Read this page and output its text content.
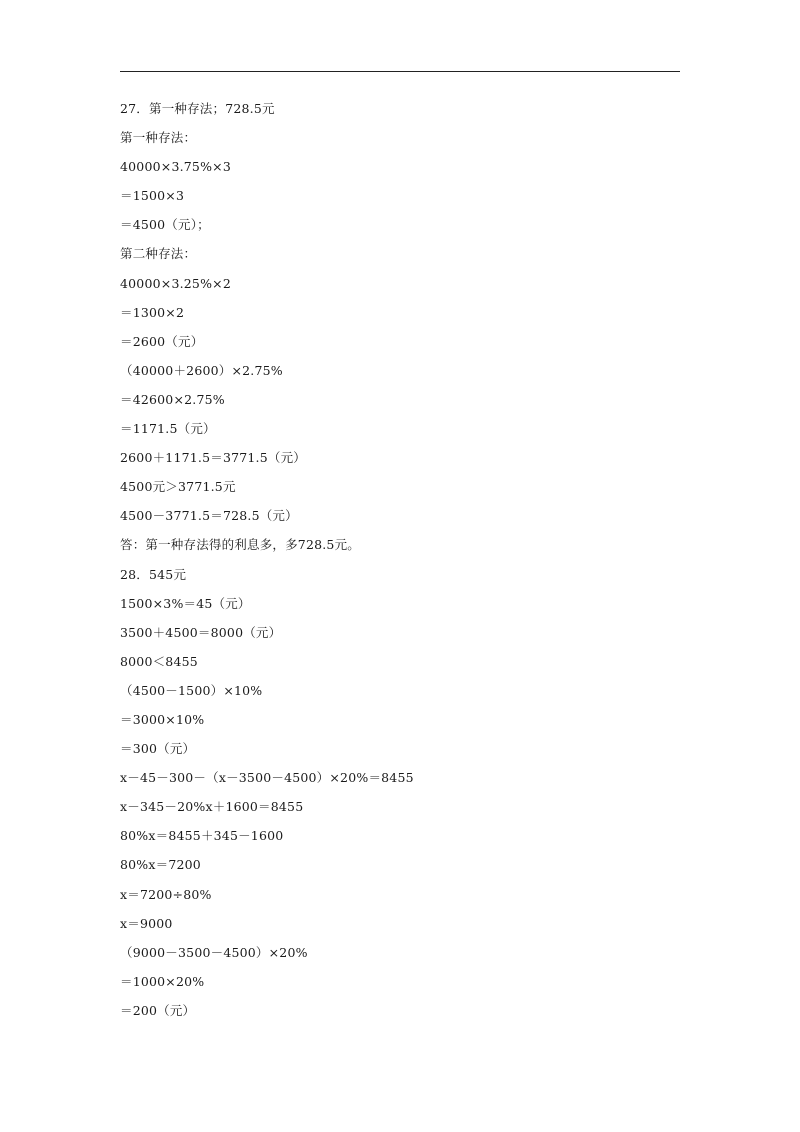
27．第一种存法；728.5元
第一种存法：
40000×3.75%×3
＝1500×3
＝4500（元）；
第二种存法：
40000×3.25%×2
＝1300×2
＝2600（元）
（40000＋2600）×2.75%
＝42600×2.75%
＝1171.5（元）
2600＋1171.5＝3771.5（元）
4500元＞3771.5元
4500－3771.5＝728.5（元）
答：第一种存法得的利息多，多728.5元。
28．545元
1500×3%＝45（元）
3500＋4500＝8000（元）
8000＜8455
（4500－1500）×10%
＝3000×10%
＝300（元）
x－45－300－（x－3500－4500）×20%＝8455
x－345－20%x＋1600＝8455
80%x＝8455＋345－1600
80%x＝7200
x＝7200÷80%
x＝9000
（9000－3500－4500）×20%
＝1000×20%
＝200（元）
